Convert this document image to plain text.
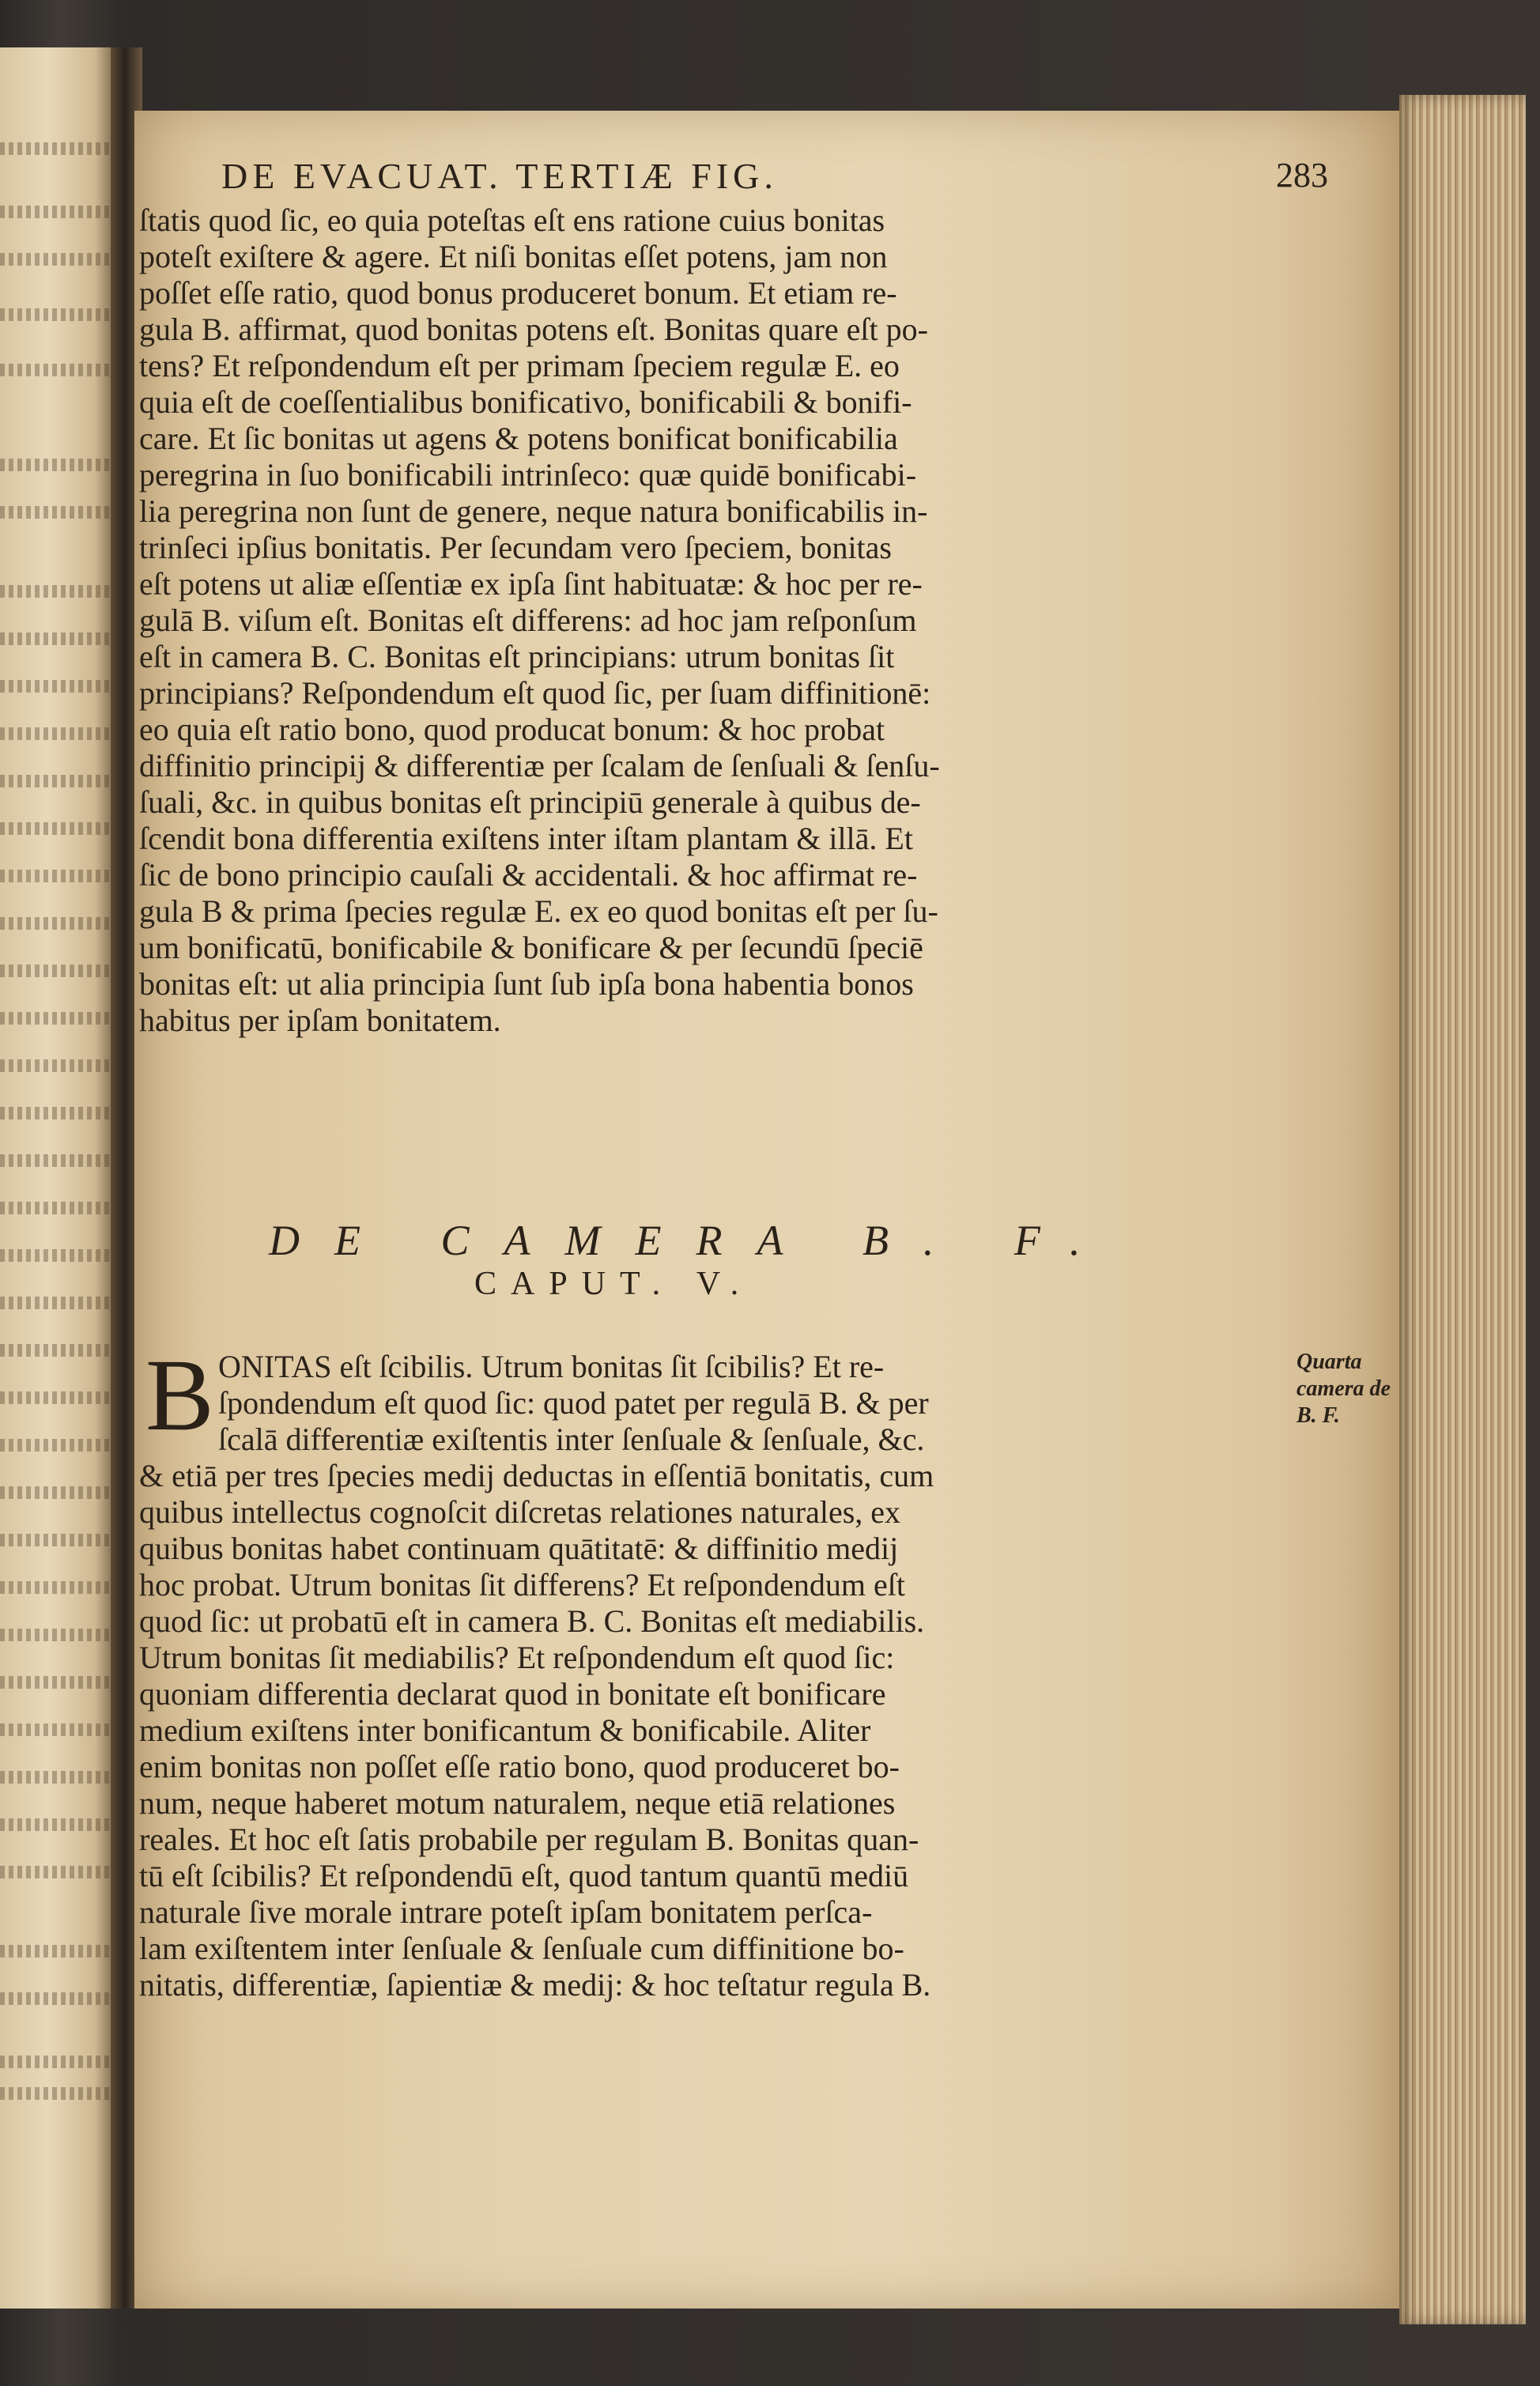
DE EVACUAT. TERTIÆ FIG.	283
ſtatis quod ſic, eo quia poteſtas eſt ens ratione cuius bonitas
poteſt exiſtere & agere. Et niſi bonitas eſſet potens, jam non
poſſet eſſe ratio, quod bonus produceret bonum. Et etiam re-
gula B. affirmat, quod bonitas potens eſt. Bonitas quare eſt po-
tens? Et reſpondendum eſt per primam ſpeciem regulæ E. eo
quia eſt de coeſſentialibus bonificativo, bonificabili & bonifi-
care. Et ſic bonitas ut agens & potens bonificat bonificabilia
peregrina in ſuo bonificabili intrinſeco: quæ quidē bonificabi-
lia peregrina non ſunt de genere, neque natura bonificabilis in-
trinſeci ipſius bonitatis. Per ſecundam vero ſpeciem, bonitas
eſt potens ut aliæ eſſentiæ ex ipſa ſint habituatæ: & hoc per re-
gulā B. viſum eſt. Bonitas eſt differens: ad hoc jam reſponſum
eſt in camera B. C. Bonitas eſt principians: utrum bonitas ſit
principians? Reſpondendum eſt quod ſic, per ſuam diffinitionē:
eo quia eſt ratio bono, quod producat bonum: & hoc probat
diffinitio principij & differentiæ per ſcalam de ſenſuali & ſenſu-
ſuali, &c. in quibus bonitas eſt principiū generale à quibus de-
ſcendit bona differentia exiſtens inter iſtam plantam & illā. Et
ſic de bono principio cauſali & accidentali. & hoc affirmat re-
gula B & prima ſpecies regulæ E. ex eo quod bonitas eſt per ſu-
um bonificatū, bonificabile & bonificare & per ſecundū ſpeciē
bonitas eſt: ut alia principia ſunt ſub ipſa bona habentia bonos
habitus per ipſam bonitatem.
DE CAMERA B. F.
CAPUT. V.
B ONITAS eſt ſcibilis. Utrum bonitas ſit ſcibilis? Et re-
ſpondendum eſt quod ſic: quod patet per regulā B. & per
ſcalā differentiæ exiſtentis inter ſenſuale & ſenſuale, &c.
& etiā per tres ſpecies medij deductas in eſſentiā bonitatis, cum
quibus intellectus cognoſcit diſcretas relationes naturales, ex
quibus bonitas habet continuam quātitatē: & diffinitio medij
hoc probat. Utrum bonitas ſit differens? Et reſpondendum eſt
quod ſic: ut probatū eſt in camera B. C. Bonitas eſt mediabilis.
Utrum bonitas ſit mediabilis? Et reſpondendum eſt quod ſic:
quoniam differentia declarat quod in bonitate eſt bonificare
medium exiſtens inter bonificantum & bonificabile. Aliter
enim bonitas non poſſet eſſe ratio bono, quod produceret bo-
num, neque haberet motum naturalem, neque etiā relationes
reales. Et hoc eſt ſatis probabile per regulam B. Bonitas quan-
tū eſt ſcibilis? Et reſpondendū eſt, quod tantum quantū mediū
naturale ſive morale intrare poteſt ipſam bonitatem perſca-
lam exiſtentem inter ſenſuale & ſenſuale cum diffinitione bo-
nitatis, differentiæ, ſapientiæ & medij: & hoc teſtatur regula B.
Quarta camera de B. F.
